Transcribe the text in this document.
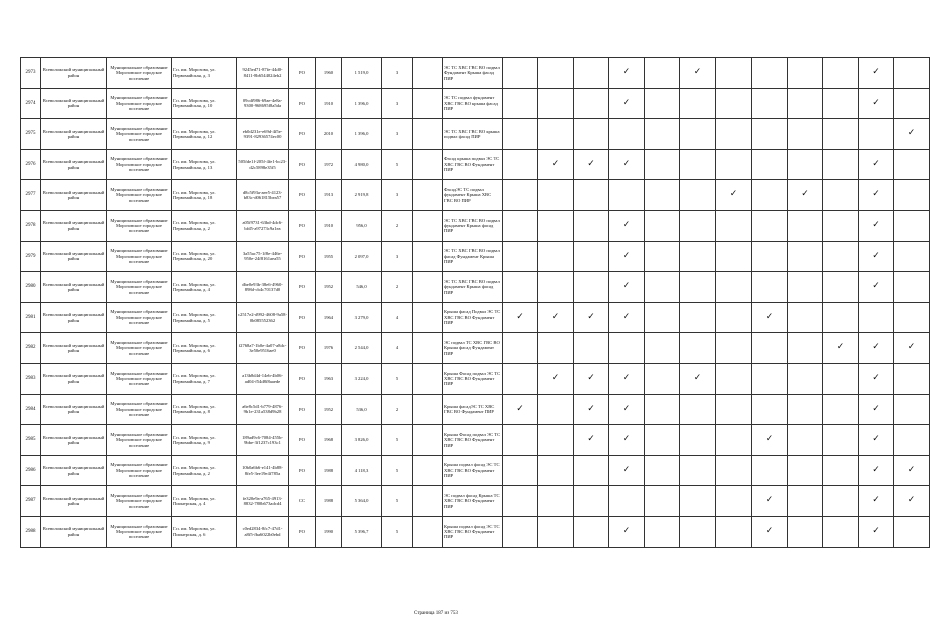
2973	Всеволожский муниципальный район	Муниципальное образование Морозовское городское поселение	Г.п. им. Морозова, ул. Первомайская, д. 3	9245ed71-87fe-44d0-8411-8b6544024eb2	РО	1960	1 519,0	3		ЭС ТС ХВС ГВС ВО подвал Фундамент Крыша фасад ПИР				✓		✓					✓	
2974	Всеволожский муниципальный район	Муниципальное образование Морозовское городское поселение	Г.п. им. Морозова, ул. Первомайская, д. 10	09cdf986-69ae-4e8a-9300-968695f8a5da	РО	1910	1 396,0	3		ЭС ТС подвал фундамент ХВС ГВС ВО крыша фасад ПИР				✓							✓	
2975	Всеволожский муниципальный район	Муниципальное образование Морозовское городское поселение	Г.п. им. Морозова, ул. Первомайская, д. 12	eb0d231e-e69d-4f5e-9391-82936574ec00	РО	2010	1 396,0	3		ЭС ТС ХВС ГВС ВО крыша подвал фасад ПИР												✓
2976	Всеволожский муниципальный район	Муниципальное образование Морозовское городское поселение	Г.п. им. Морозова, ул. Первомайская, д. 13	505fde1f-205f-4fe1-bc23-d2c5898e35f5	РО	1972	4 980,0	5		Фасад крыша подвал ЭС ТС ХВС ГВС ВО Фундамент ПИР		✓	✓	✓							✓	
2977	Всеволожский муниципальный район	Муниципальное образование Морозовское городское поселение	Г.п. им. Морозова, ул. Первомайская, д. 18	d8c5f93a-aee5-4123-b83c-d061815bea57	РО	1913	2 919,8	3		ФасадЭС ТС подвал фундамент Крыша ХВС ГВС ВО ПИР							✓		✓		✓	
2978	Всеволожский муниципальный район	Муниципальное образование Морозовское городское поселение	Г.п. им. Морозова, ул. Первомайская, д. 2	a05f9731-63bd-4dc6-bfd5-a97273c9a1ea	РО	1910	956,0	2		ЭС ТС ХВС ГВС ВО подвал фундамент Крыша фасад ПИР				✓							✓	
2979	Всеволожский муниципальный район	Муниципальное образование Морозовское городское поселение	Г.п. им. Морозова, ул. Первомайская, д. 20	3a55ac75-1f8e-446e-950e-24f8161aea55	РО	1955	2 097,0	3		ЭС ТС ХВС ГВС ВО подвал фасад Фундамент Крыша ПИР				✓							✓	
2980	Всеволожский муниципальный район	Муниципальное образование Морозовское городское поселение	Г.п. им. Морозова, ул. Первомайская, д. 4	dbe0e93b-38e6-4960-898d-cb4c70137d0	РО	1952	546,0	2		ЭС ТС ХВС ГВС ВО подвал фундамент Крыша фасад ПИР				✓							✓	
2981	Всеволожский муниципальный район	Муниципальное образование Морозовское городское поселение	Г.п. им. Морозова, ул. Первомайская, д. 5	c2517e2-d992-4608-9a58-0b085552362	РО	1964	3 279,0	4		Крыша фасад Подвал ЭС ТС ХВС ГВС ВО Фундамент ПИР	✓	✓	✓	✓				✓				
2982	Всеволожский муниципальный район	Муниципальное образование Морозовское городское поселение	Г.п. им. Морозова, ул. Первомайская, д. 6	f2768a7-1b0e-4a07-a8dc-3e50e9516ae0	РО	1976	2 544,0	4		ЭС подвал ТС ХВС ГВС ВО Крыша фасад Фундамент ПИР										✓	✓	✓
2983	Всеволожский муниципальный район	Муниципальное образование Морозовское городское поселение	Г.п. им. Морозова, ул. Первомайская, д. 7	a13b8d4d-14eb-4b06-ad04-f54d8f8aaede	РО	1963	3 224,0	5		Крыша Фасад подвал ЭС ТС ХВС ГВС ВО Фундамент ПИР		✓	✓	✓		✓					✓	
2984	Всеволожский муниципальный район	Муниципальное образование Морозовское городское поселение	Г.п. им. Морозова, ул. Первомайская, д. 8	a6e8c5d1-b779-4876-9b1e-231a538d9b28	РО	1952	536,0	2		Крыша фасадЭС ТС ХВС ГВС ВО Фундамент ПИР	✓		✓	✓							✓	
2985	Всеволожский муниципальный район	Муниципальное образование Морозовское городское поселение	Г.п. им. Морозова, ул. Первомайская, д. 9	189ad9c6-7084-455b-9bbe-3f1237c193c1	РО	1968	3 826,0	5		Крыша Фасад подвал ЭС ТС ХВС ГВС ВО Фундамент ПИР			✓	✓				✓			✓	
2986	Всеволожский муниципальный район	Муниципальное образование Морозовское городское поселение	Г.п. им. Морозова, ул. Первомайская, д. 2	10b0a6b6-e141-4b88-8fe5-3ee19e4f785a	РО	1988	4 118,3	5		Крыша подвал фасад ЭС ТС ХВС ГВС ВО Фундамент ПИР				✓							✓	✓
2987	Всеволожский муниципальный район	Муниципальное образование Морозовское городское поселение	Г.п. им. Морозова, ул. Пионерская, д. 4	fe320e9a-a765-4913-8832-780b673adcd4	СС	1988	5 364,0	5		ЭС подвал фасад Крыша ТС ХВС ГВС ВО Фундамент ПИР								✓			✓	✓
2988	Всеволожский муниципальный район	Муниципальное образование Морозовское городское поселение	Г.п. им. Морозова, ул. Пионерская, д. 6	c0ed2834-8fc7-47d1-a8f5-fba6022b0ebd	РО	1990	5 396,7	5		Крыша подвал фасад ЭС ТС ХВС ГВС ВО Фундамент ПИР				✓				✓			✓	
Страница 187 из 753
